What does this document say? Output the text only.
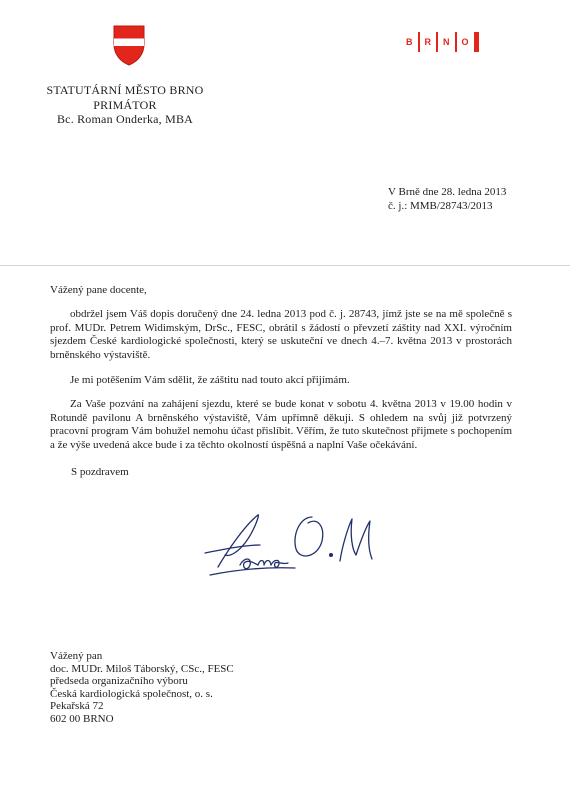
STATUTÁRNÍ MĚSTO BRNO
PRIMÁTOR
Bc. Roman Onderka, MBA
B R N O
V Brně dne 28. ledna 2013
č. j.: MMB/28743/2013
Vážený pane docente,
obdržel jsem Váš dopis doručený dne 24. ledna 2013 pod č. j. 28743, jímž jste se na mě společně s prof. MUDr. Petrem Widimským, DrSc., FESC, obrátil s žádostí o převzetí záštity nad XXI. výročním sjezdem České kardiologické společnosti, který se uskuteční ve dnech 4.–7. května 2013 v prostorách brněnského výstaviště.
Je mi potěšením Vám sdělit, že záštitu nad touto akcí přijímám.
Za Vaše pozvání na zahájení sjezdu, které se bude konat v sobotu 4. května 2013 v 19.00 hodin v Rotundě pavilonu A brněnského výstaviště, Vám upřímně děkuji. S ohledem na svůj již potvrzený pracovní program Vám bohužel nemohu účast přislíbit. Věřím, že tuto skutečnost přijmete s pochopením a že výše uvedená akce bude i za těchto okolností úspěšná a naplní Vaše očekávání.
S pozdravem
Vážený pan
doc. MUDr. Miloš Táborský, CSc., FESC
předseda organizačního výboru
Česká kardiologická společnost, o. s.
Pekařská 72
602 00 BRNO
